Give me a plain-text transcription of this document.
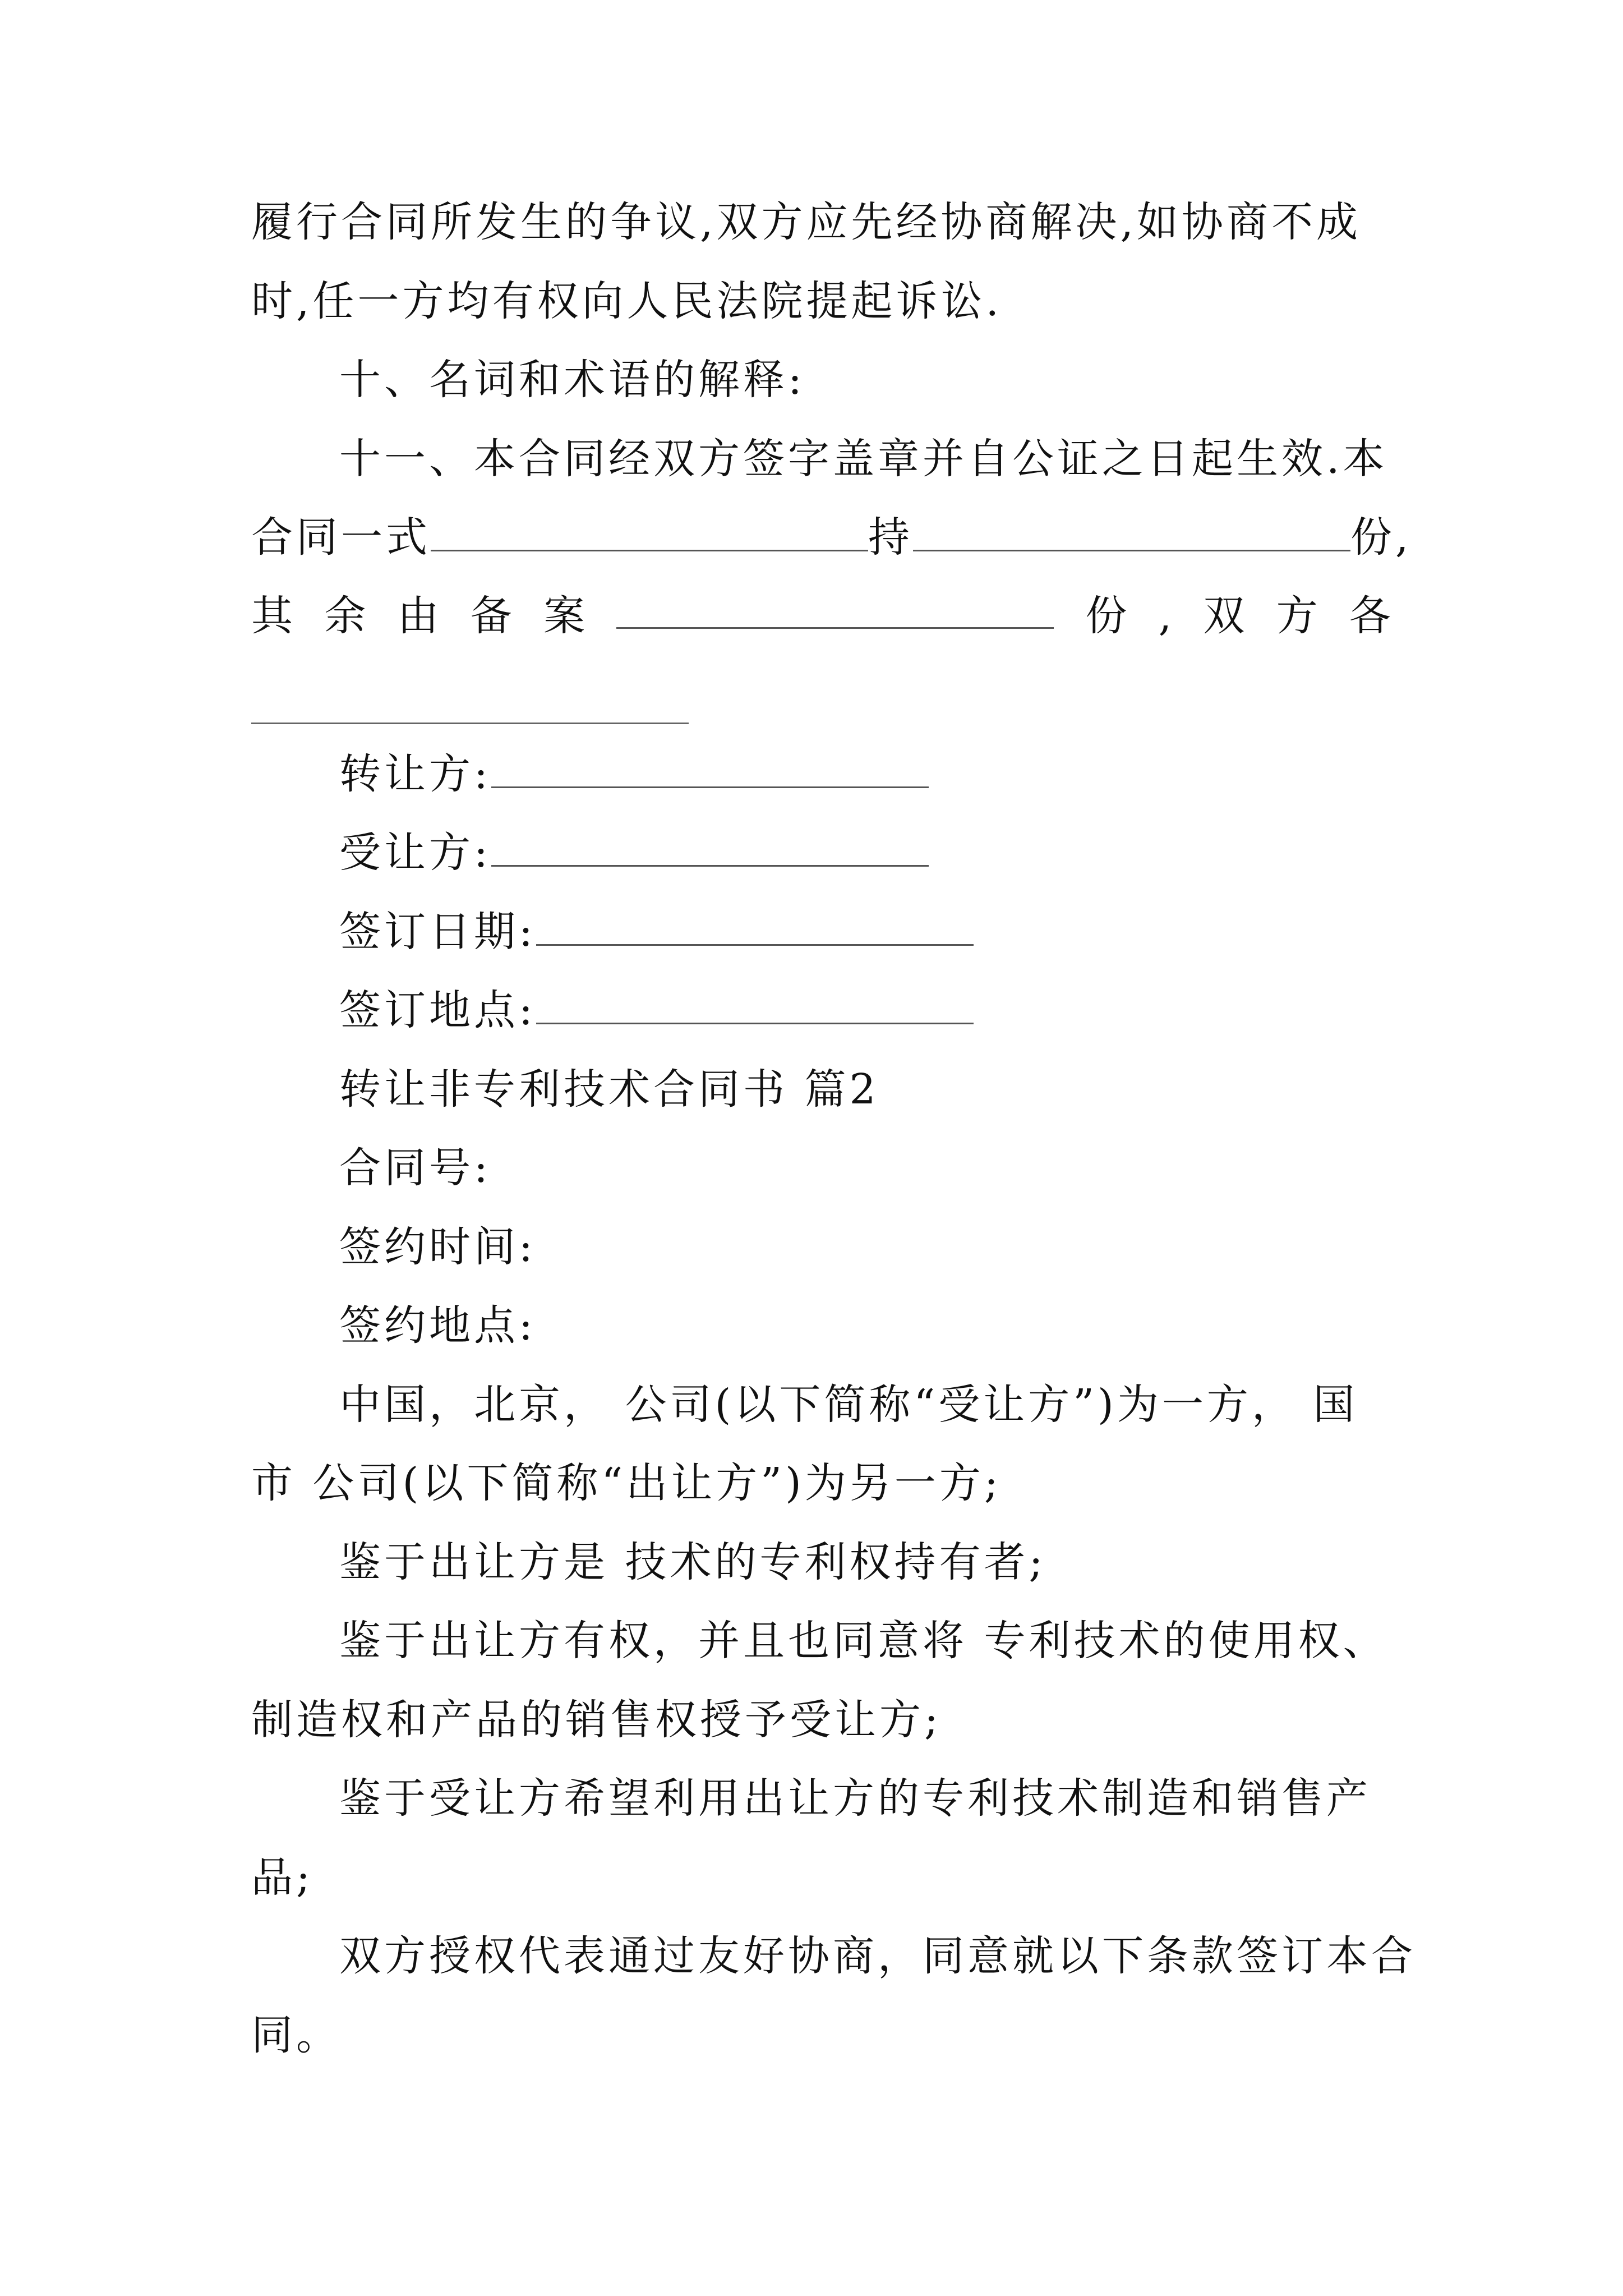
履行合同所发生的争议,双方应先经协商解决,如协商不成
时,任一方均有权向人民法院提起诉讼.
十、名词和术语的解释:
十一、本合同经双方签字盖章并自公证之日起生效.本
合同一式	持	份,
其 余 由 备 案	份 , 双 方 各
转让方:
受让方:
签订日期:
签订地点:
转让非专利技术合同书 篇2
合同号:
签约时间:
签约地点:
中国，北京， 公司(以下简称“受让方”)为一方， 国
市 公司(以下简称“出让方”)为另一方;
鉴于出让方是 技术的专利权持有者;
鉴于出让方有权，并且也同意将 专利技术的使用权、
制造权和产品的销售权授予受让方;
鉴于受让方希望利用出让方的专利技术制造和销售产
品;
双方授权代表通过友好协商，同意就以下条款签订本合
同。
